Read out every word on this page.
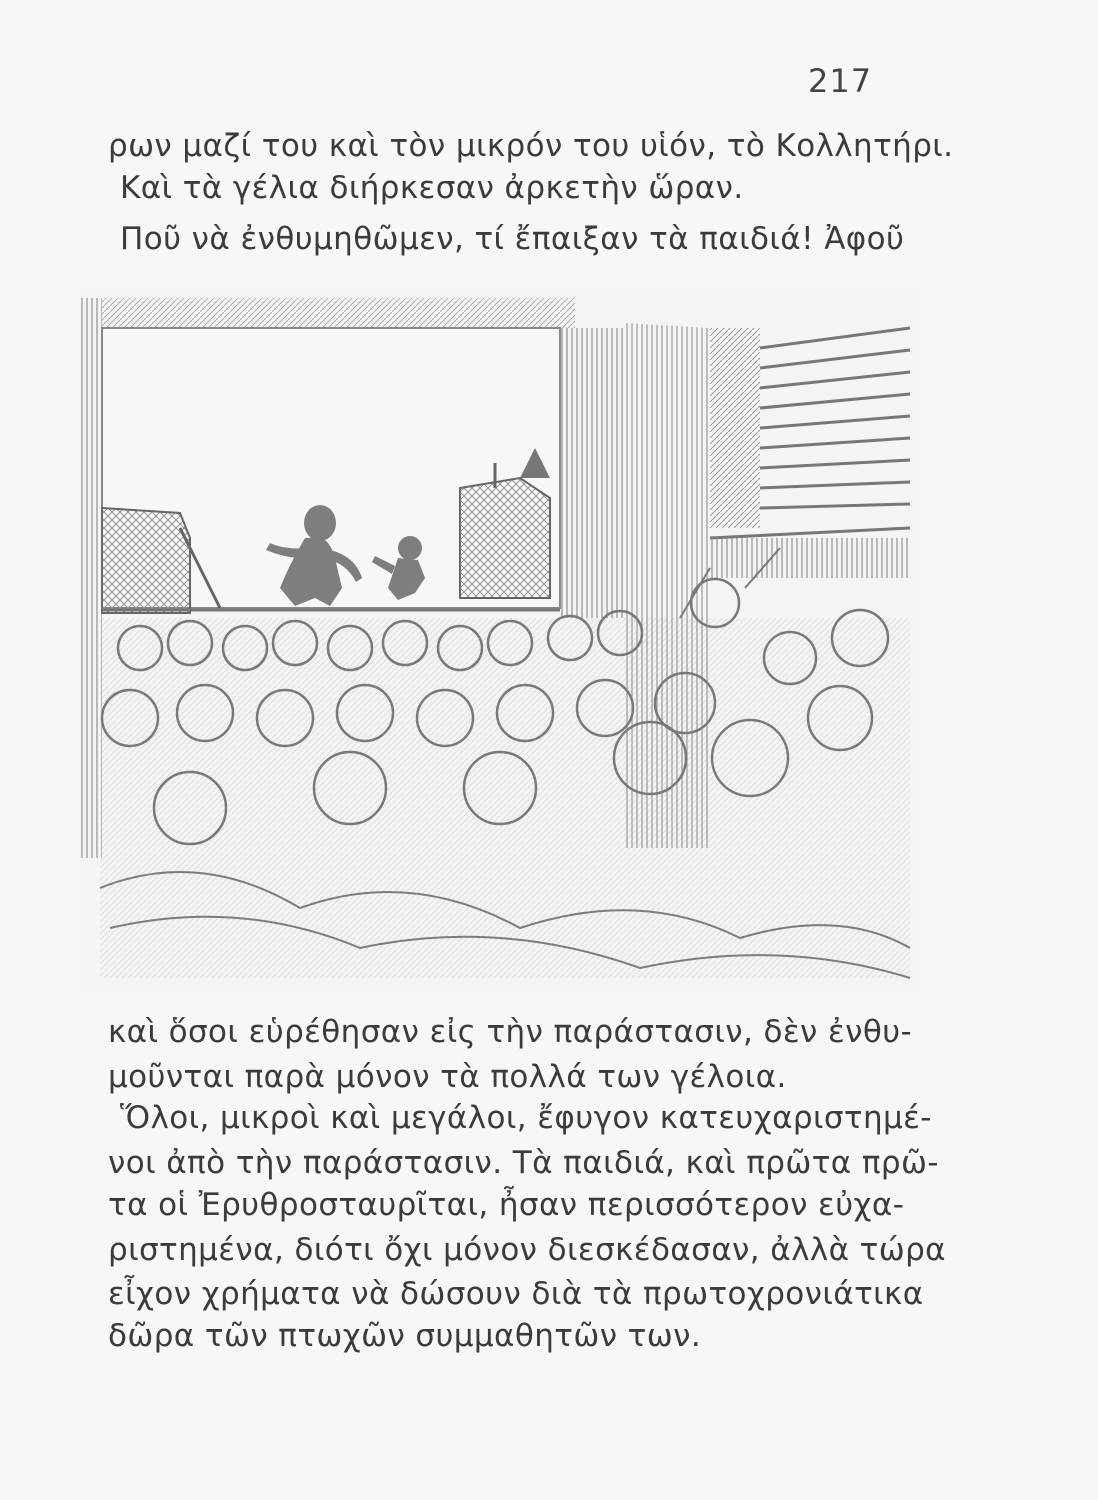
217
ρων μαζί του καὶ τὸν μικρόν του υἱόν, τὸ Κολλητήρι.
Καὶ τὰ γέλια διήρκεσαν ἀρκετὴν ὥραν.
Ποῦ νὰ ἐνθυμηθῶμεν, τί ἔπαιξαν τὰ παιδιά! Ἀφοῦ
καὶ ὅσοι εὑρέθησαν εἰς τὴν παράστασιν, δὲν ἐνθυ-
μοῦνται παρὰ μόνον τὰ πολλά των γέλοια.
Ὅλοι, μικροὶ καὶ μεγάλοι, ἔφυγον κατευχαριστημέ-
νοι ἀπὸ τὴν παράστασιν. Τὰ παιδιά, καὶ πρῶτα πρῶ-
τα οἱ Ἐρυθροσταυρῖται, ἦσαν περισσότερον εὐχα-
ριστημένα, διότι ὄχι μόνον διεσκέδασαν, ἀλλὰ τώρα
εἶχον χρήματα νὰ δώσουν διὰ τὰ πρωτοχρονιάτικα
δῶρα τῶν πτωχῶν συμμαθητῶν των.
